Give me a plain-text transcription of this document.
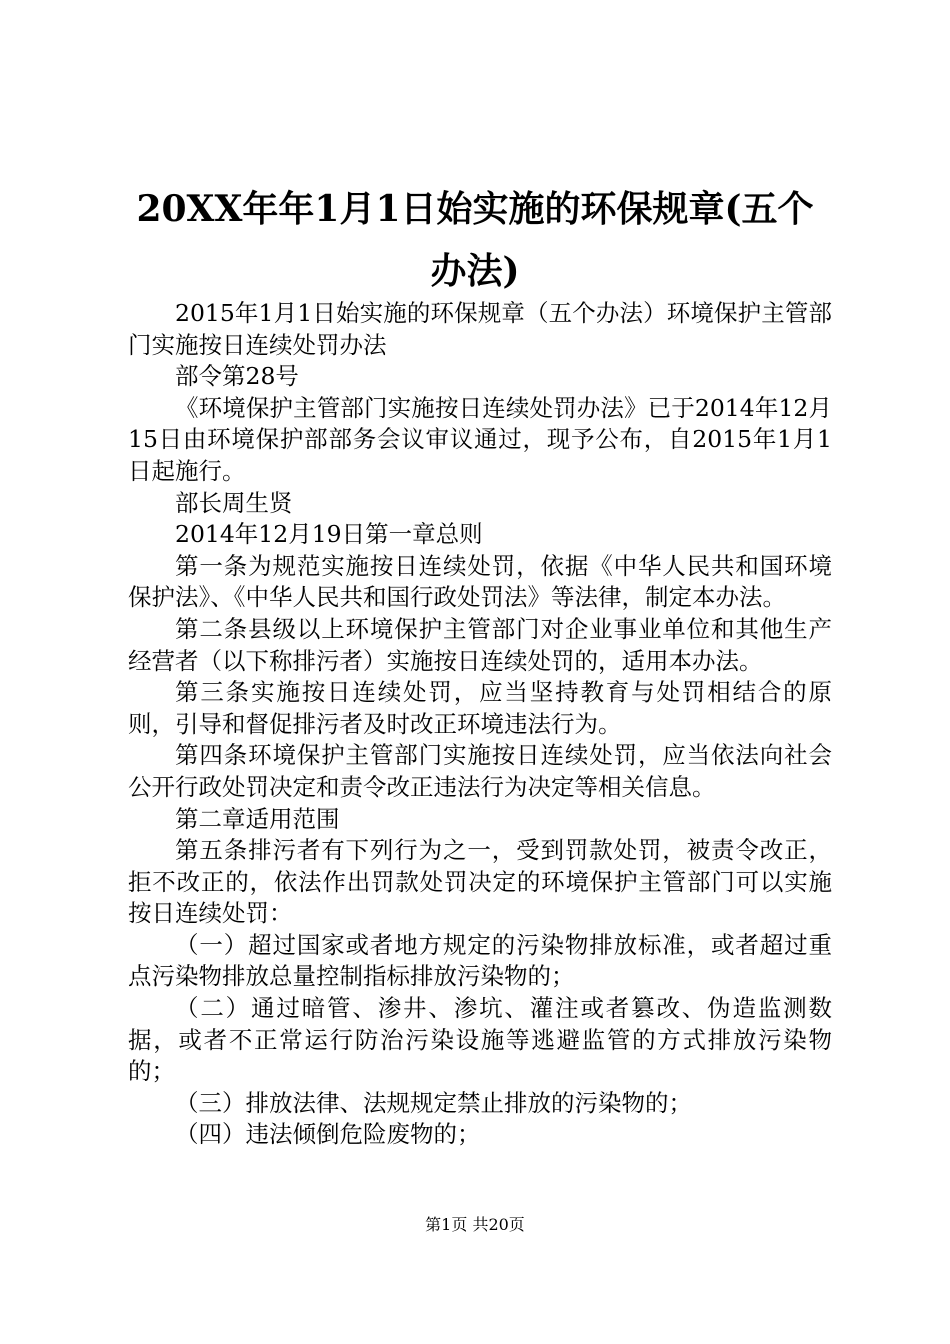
20XX年年1月1日始实施的环保规章(五个办法)

2015年1月1日始实施的环保规章（五个办法）环境保护主管部门实施按日连续处罚办法

部令第28号

《环境保护主管部门实施按日连续处罚办法》已于2014年12月15日由环境保护部部务会议审议通过，现予公布，自2015年1月1日起施行。

部长周生贤

2014年12月19日第一章总则

第一条为规范实施按日连续处罚，依据《中华人民共和国环境保护法》、《中华人民共和国行政处罚法》等法律，制定本办法。

第二条县级以上环境保护主管部门对企业事业单位和其他生产经营者（以下称排污者）实施按日连续处罚的，适用本办法。

第三条实施按日连续处罚，应当坚持教育与处罚相结合的原则，引导和督促排污者及时改正环境违法行为。

第四条环境保护主管部门实施按日连续处罚，应当依法向社会公开行政处罚决定和责令改正违法行为决定等相关信息。

第二章适用范围

第五条排污者有下列行为之一，受到罚款处罚，被责令改正，拒不改正的，依法作出罚款处罚决定的环境保护主管部门可以实施按日连续处罚：

（一）超过国家或者地方规定的污染物排放标准，或者超过重点污染物排放总量控制指标排放污染物的；

（二）通过暗管、渗井、渗坑、灌注或者篡改、伪造监测数据，或者不正常运行防治污染设施等逃避监管的方式排放污染物的；

（三）排放法律、法规规定禁止排放的污染物的；

（四）违法倾倒危险废物的；

第1页 共20页
